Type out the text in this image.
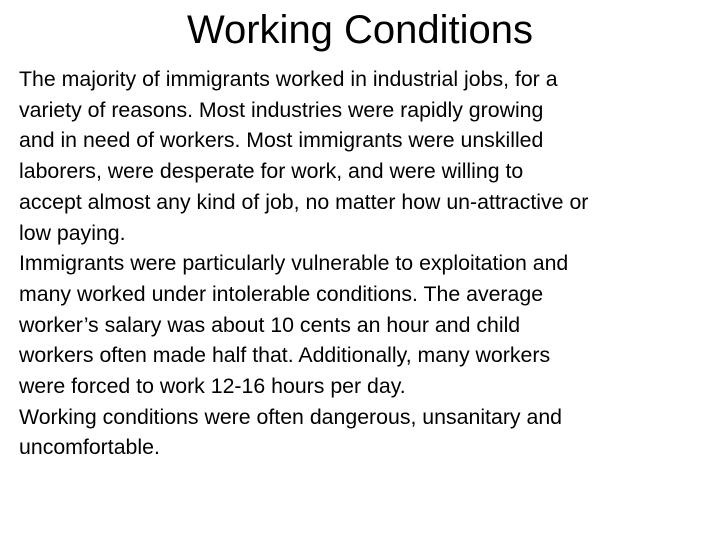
Working Conditions
The majority of immigrants worked in industrial jobs, for a
variety of reasons. Most industries were rapidly growing
and in need of workers. Most immigrants were unskilled
laborers, were desperate for work, and were willing to
accept almost any kind of job, no matter how un-attractive or
low paying.
Immigrants were particularly vulnerable to exploitation and
many worked under intolerable conditions. The average
worker’s salary was about 10 cents an hour and child
workers often made half that. Additionally, many workers
were forced to work 12-16 hours per day.
Working conditions were often dangerous, unsanitary and
uncomfortable.
